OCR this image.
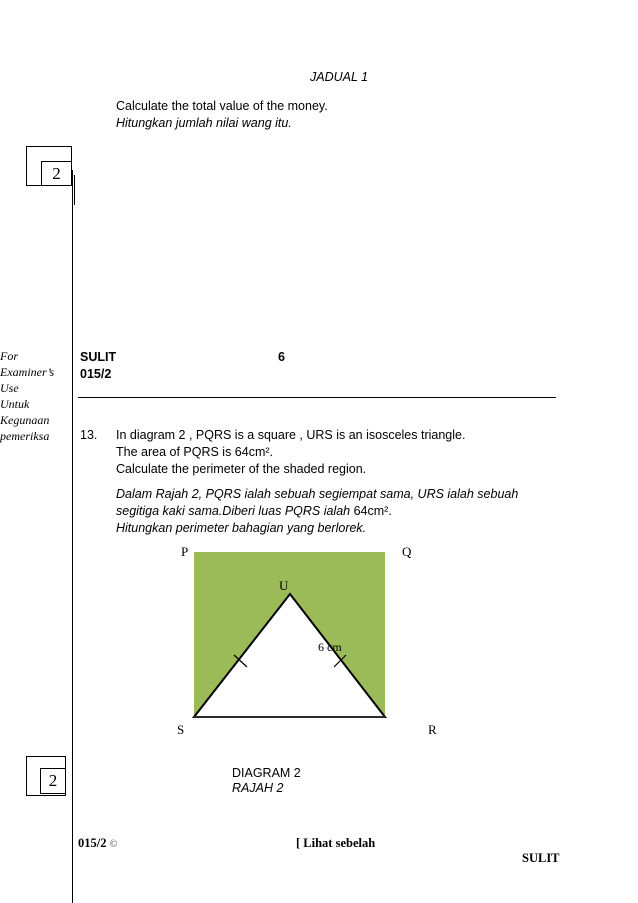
JADUAL 1
Calculate the total value of the money.
Hitungkan jumlah nilai wang itu.
2
For
Examiner’s
Use
Untuk
Kegunaan
pemeriksa
SULIT	6
015/2
13. In diagram 2 , PQRS is a square , URS is an isosceles triangle.
The area of PQRS is 64cm².
Calculate the perimeter of the shaded region.
Dalam Rajah 2, PQRS ialah sebuah segiempat sama, URS ialah sebuah
segitiga kaki sama.Diberi luas PQRS ialah 64cm².
Hitungkan perimeter bahagian yang berlorek.
P	Q
U
6 cm
S	R
DIAGRAM 2
RAJAH 2
2
015/2 ©	[ Lihat sebelah
SULIT
